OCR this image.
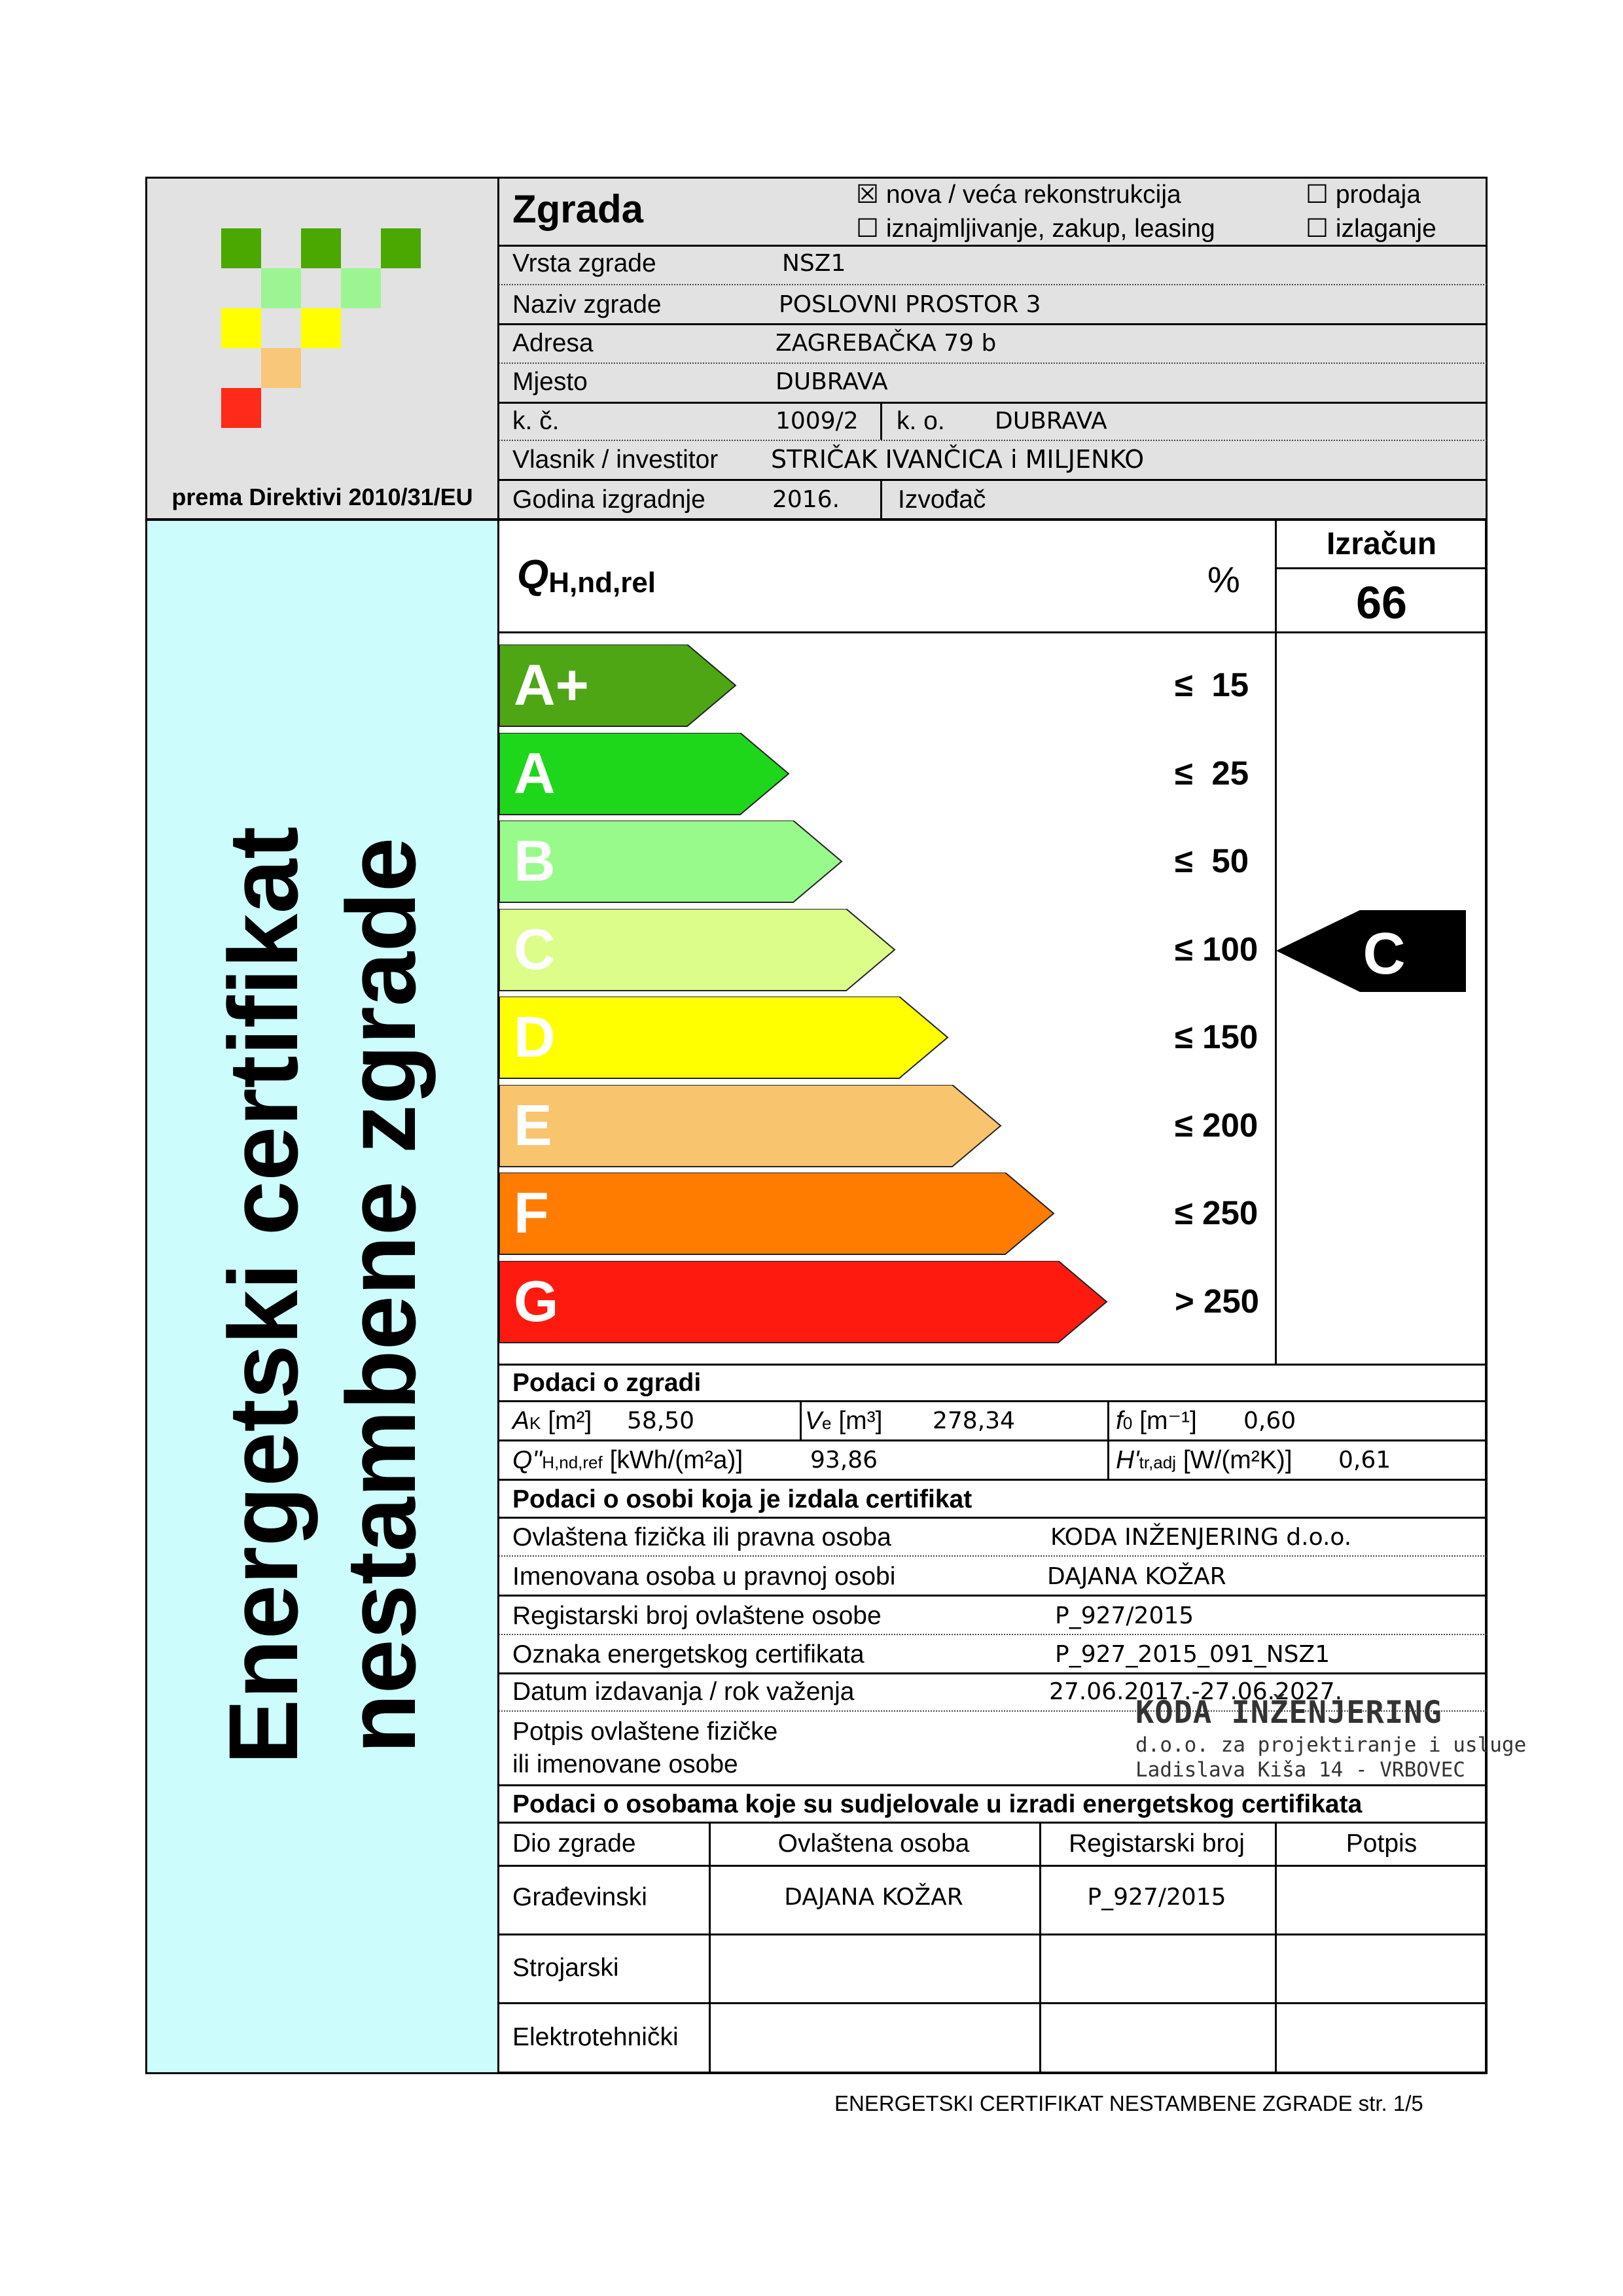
prema Direktivi 2010/31/EU
Energetski certifikat nestambene zgrade
Zgrada	☒ nova / veća rekonstrukcija	☐ prodaja
☐ iznajmljivanje, zakup, leasing	☐ izlaganje
Vrsta zgrade	NSZ1
Naziv zgrade	POSLOVNI PROSTOR 3
Adresa	ZAGREBAČKA 79 b
Mjesto	DUBRAVA
k. č.	1009/2 k. o. DUBRAVA
Vlasnik / investitor STRIČAK IVANČICA i MILJENKO
Godina izgradnje	2016. Izvođač
QH,nd,rel	%
Izračun
66
A+	≤  15
A	≤  25
B	≤  50
C	≤ 100
D	≤ 150
E	≤ 200
F	≤ 250
G	> 250
C
Podaci o zgradi
AK [m²] 58,50	Ve [m³] 278,34	f0 [m⁻¹] 0,60
Q''H,nd,ref [kWh/(m²a)]	93,86	H'tr,adj [W/(m²K)] 0,61
Podaci o osobi koja je izdala certifikat
Ovlaštena fizička ili pravna osoba	KODA INŽENJERING d.o.o.
Imenovana osoba u pravnoj osobi	DAJANA KOŽAR
Registarski broj ovlaštene osobe	P_927/2015
Oznaka energetskog certifikata	P_927_2015_091_NSZ1
Datum izdavanja / rok važenja	27.06.2017.-27.06.2027.
Potpis ovlaštene fizičke
ili imenovane osobe
KODA INŽENJERING
d.o.o. za projektiranje i usluge
Ladislava Kiša 14 - VRBOVEC
Podaci o osobama koje su sudjelovale u izradi energetskog certifikata
Dio zgrade	Ovlaštena osoba	Registarski broj	Potpis
Građevinski	DAJANA KOŽAR	P_927/2015
Strojarski
Elektrotehnički
ENERGETSKI CERTIFIKAT NESTAMBENE ZGRADE str. 1/5
